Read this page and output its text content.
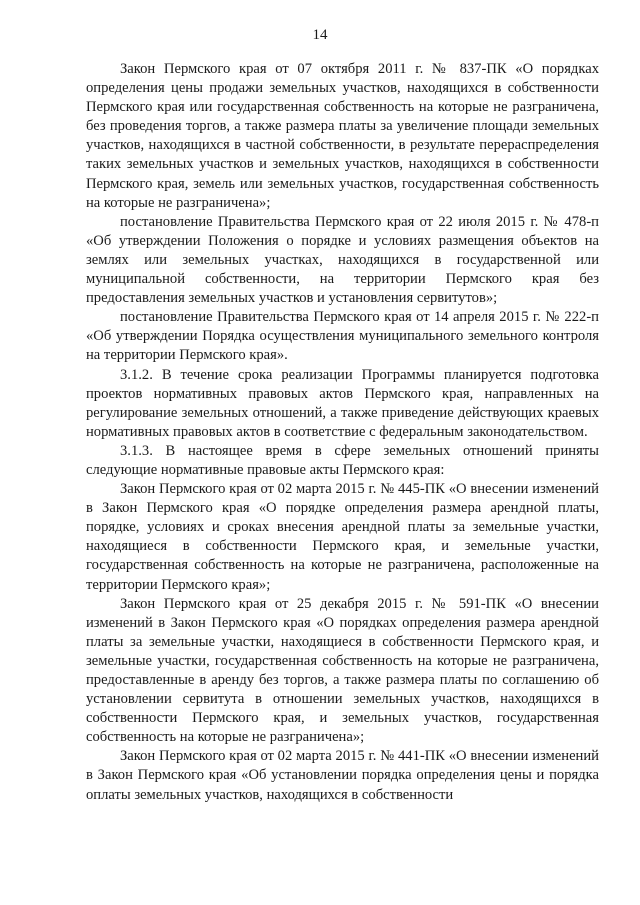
14

Закон Пермского края от 07 октября 2011 г. № 837-ПК «О порядках определения цены продажи земельных участков, находящихся в собственности Пермского края или государственная собственность на которые не разграничена, без проведения торгов, а также размера платы за увеличение площади земельных участков, находящихся в частной собственности, в результате перераспределения таких земельных участков и земельных участков, находящихся в собственности Пермского края, земель или земельных участков, государственная собственность на которые не разграничена»;

постановление Правительства Пермского края от 22 июля 2015 г. № 478-п «Об утверждении Положения о порядке и условиях размещения объектов на землях или земельных участках, находящихся в государственной или муниципальной собственности, на территории Пермского края без предоставления земельных участков и установления сервитутов»;

постановление Правительства Пермского края от 14 апреля 2015 г. № 222-п «Об утверждении Порядка осуществления муниципального земельного контроля на территории Пермского края».

3.1.2. В течение срока реализации Программы планируется подготовка проектов нормативных правовых актов Пермского края, направленных на регулирование земельных отношений, а также приведение действующих краевых нормативных правовых актов в соответствие с федеральным законодательством.

3.1.3. В настоящее время в сфере земельных отношений приняты следующие нормативные правовые акты Пермского края:

Закон Пермского края от 02 марта 2015 г. № 445-ПК «О внесении изменений в Закон Пермского края «О порядке определения размера арендной платы, порядке, условиях и сроках внесения арендной платы за земельные участки, находящиеся в собственности Пермского края, и земельные участки, государственная собственность на которые не разграничена, расположенные на территории Пермского края»;

Закон Пермского края от 25 декабря 2015 г. № 591-ПК «О внесении изменений в Закон Пермского края «О порядках определения размера арендной платы за земельные участки, находящиеся в собственности Пермского края, и земельные участки, государственная собственность на которые не разграничена, предоставленные в аренду без торгов, а также размера платы по соглашению об установлении сервитута в отношении земельных участков, находящихся в собственности Пермского края, и земельных участков, государственная собственность на которые не разграничена»;

Закон Пермского края от 02 марта 2015 г. № 441-ПК «О внесении изменений в Закон Пермского края «Об установлении порядка определения цены и порядка оплаты земельных участков, находящихся в собственности
